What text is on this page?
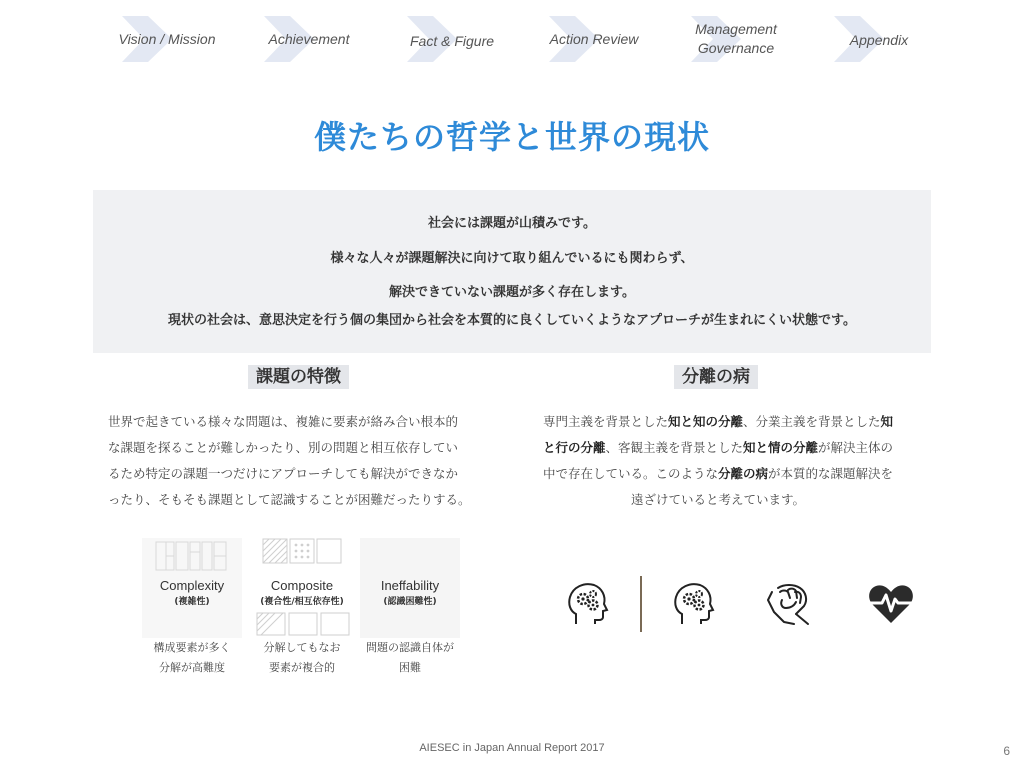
Vision / Mission	Achievement	Fact & Figure	Action Review
Management
Governance	Appendix
僕たちの哲学と世界の現状

社会には課題が山積みです。

様々な人々が課題解決に向けて取り組んでいるにも関わらず、

解決できていない課題が多く存在します。

現状の社会は、意思決定を行う個の集団から社会を本質的に良くしていくようなアプローチが生まれにくい状態です。

課題の特徴
世界で起きている様々な問題は、複雑に要素が絡み合い根本的
な課題を探ることが難しかったり、別の問題と相互依存してい
るため特定の課題一つだけにアプローチしても解決ができなか
ったり、そもそも課題として認識することが困難だったりする。
Complexity
(複雑性)
構成要素が多く
分解が高難度
Composite
(複合性/相互依存性)
分解してもなお
要素が複合的
Ineffability
(認識困難性)
問題の認識自体が
困難
分離の病
専門主義を背景とした知と知の分離、分業主義を背景とした知
と行の分離、客観主義を背景とした知と情の分離が解決主体の
中で存在している。このような分離の病が本質的な課題解決を
遠ざけていると考えています。
AIESEC in Japan Annual Report 2017	6
